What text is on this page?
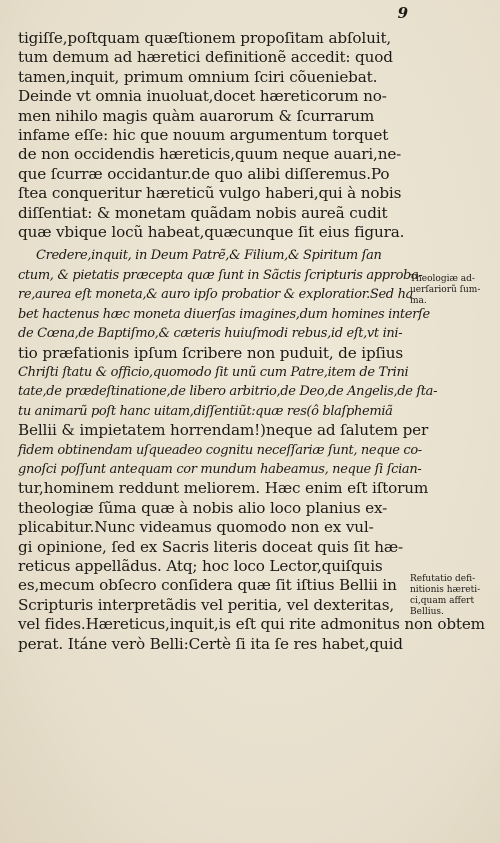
9
tigiſſe,poſtquam quæſtionem propoſitam abſoluit,
tum demum ad hæretici definitionẽ accedit: quod
tamen,inquit, primum omnium ſciri cõueniebat.
Deinde vt omnia inuoluat,docet hæreticorum no-
men nihilo magis quàm auarorum & ſcurrarum
infame eſſe: hic que nouum argumentum torquet
de non occidendis hæreticis,quum neque auari,ne-
que ſcurræ occidantur.de quo alibi diſſeremus.Po
ſtea conqueritur hæreticũ vulgo haberi,qui à nobis
diſſentiat: & monetam quãdam nobis aureã cudit
quæ vbique locũ habeat,quæcunque ſit eius figura.
Credere,inquit, in Deum Patrẽ,& Filium,& Spiritum ſan
ctum, & pietatis præcepta quæ ſunt in Sãctis ſcripturis approba-
re,aurea eſt moneta,& auro ipſo probatior & exploratior.Sed ha
bet hactenus hæc moneta diuerſas imagines,dum homines interſe
de Cœna,de Baptiſmo,& cæteris huiuſmodi rebus,id eſt,vt ini-
tio præfationis ipſum ſcribere non puduit, de ipſius
Chriſti ſtatu & officio,quomodo ſit unũ cum Patre,item de Trini
tate,de prædeſtinatione,de libero arbitrio,de Deo,de Angelis,de ſta-
tu animarũ poſt hanc uitam,diſſentiũt:quæ res(ô blaſphemiã
Bellii & impietatem horrendam!)neque ad ſalutem per
fidem obtinendam uſqueadeo cognitu neceſſariæ ſunt, neque co-
gnoſci poſſunt antequam cor mundum habeamus, neque ſi ſcian-
tur,hominem reddunt meliorem. Hæc enim eſt iſtorum
theologiæ ſũma quæ à nobis alio loco planius ex-
plicabitur.Nunc videamus quomodo non ex vul-
gi opinione, ſed ex Sacris literis doceat quis ſit hæ-
reticus appellãdus. Atq; hoc loco Lector,quiſquis
es,mecum obſecro conſidera quæ ſit iſtius Bellii in
Scripturis interpretãdis vel peritia, vel dexteritas,
vel fides.Hæreticus,inquit,is eſt qui rite admonitus non obtem
perat. Itáne verò Belli:Certè ſi ita ſe res habet,quid
Theologiæ ad-
uerſariorũ ſum-
ma.
Refutatio defi-
nitionis hæreti-
ci,quam affert
Bellius.
